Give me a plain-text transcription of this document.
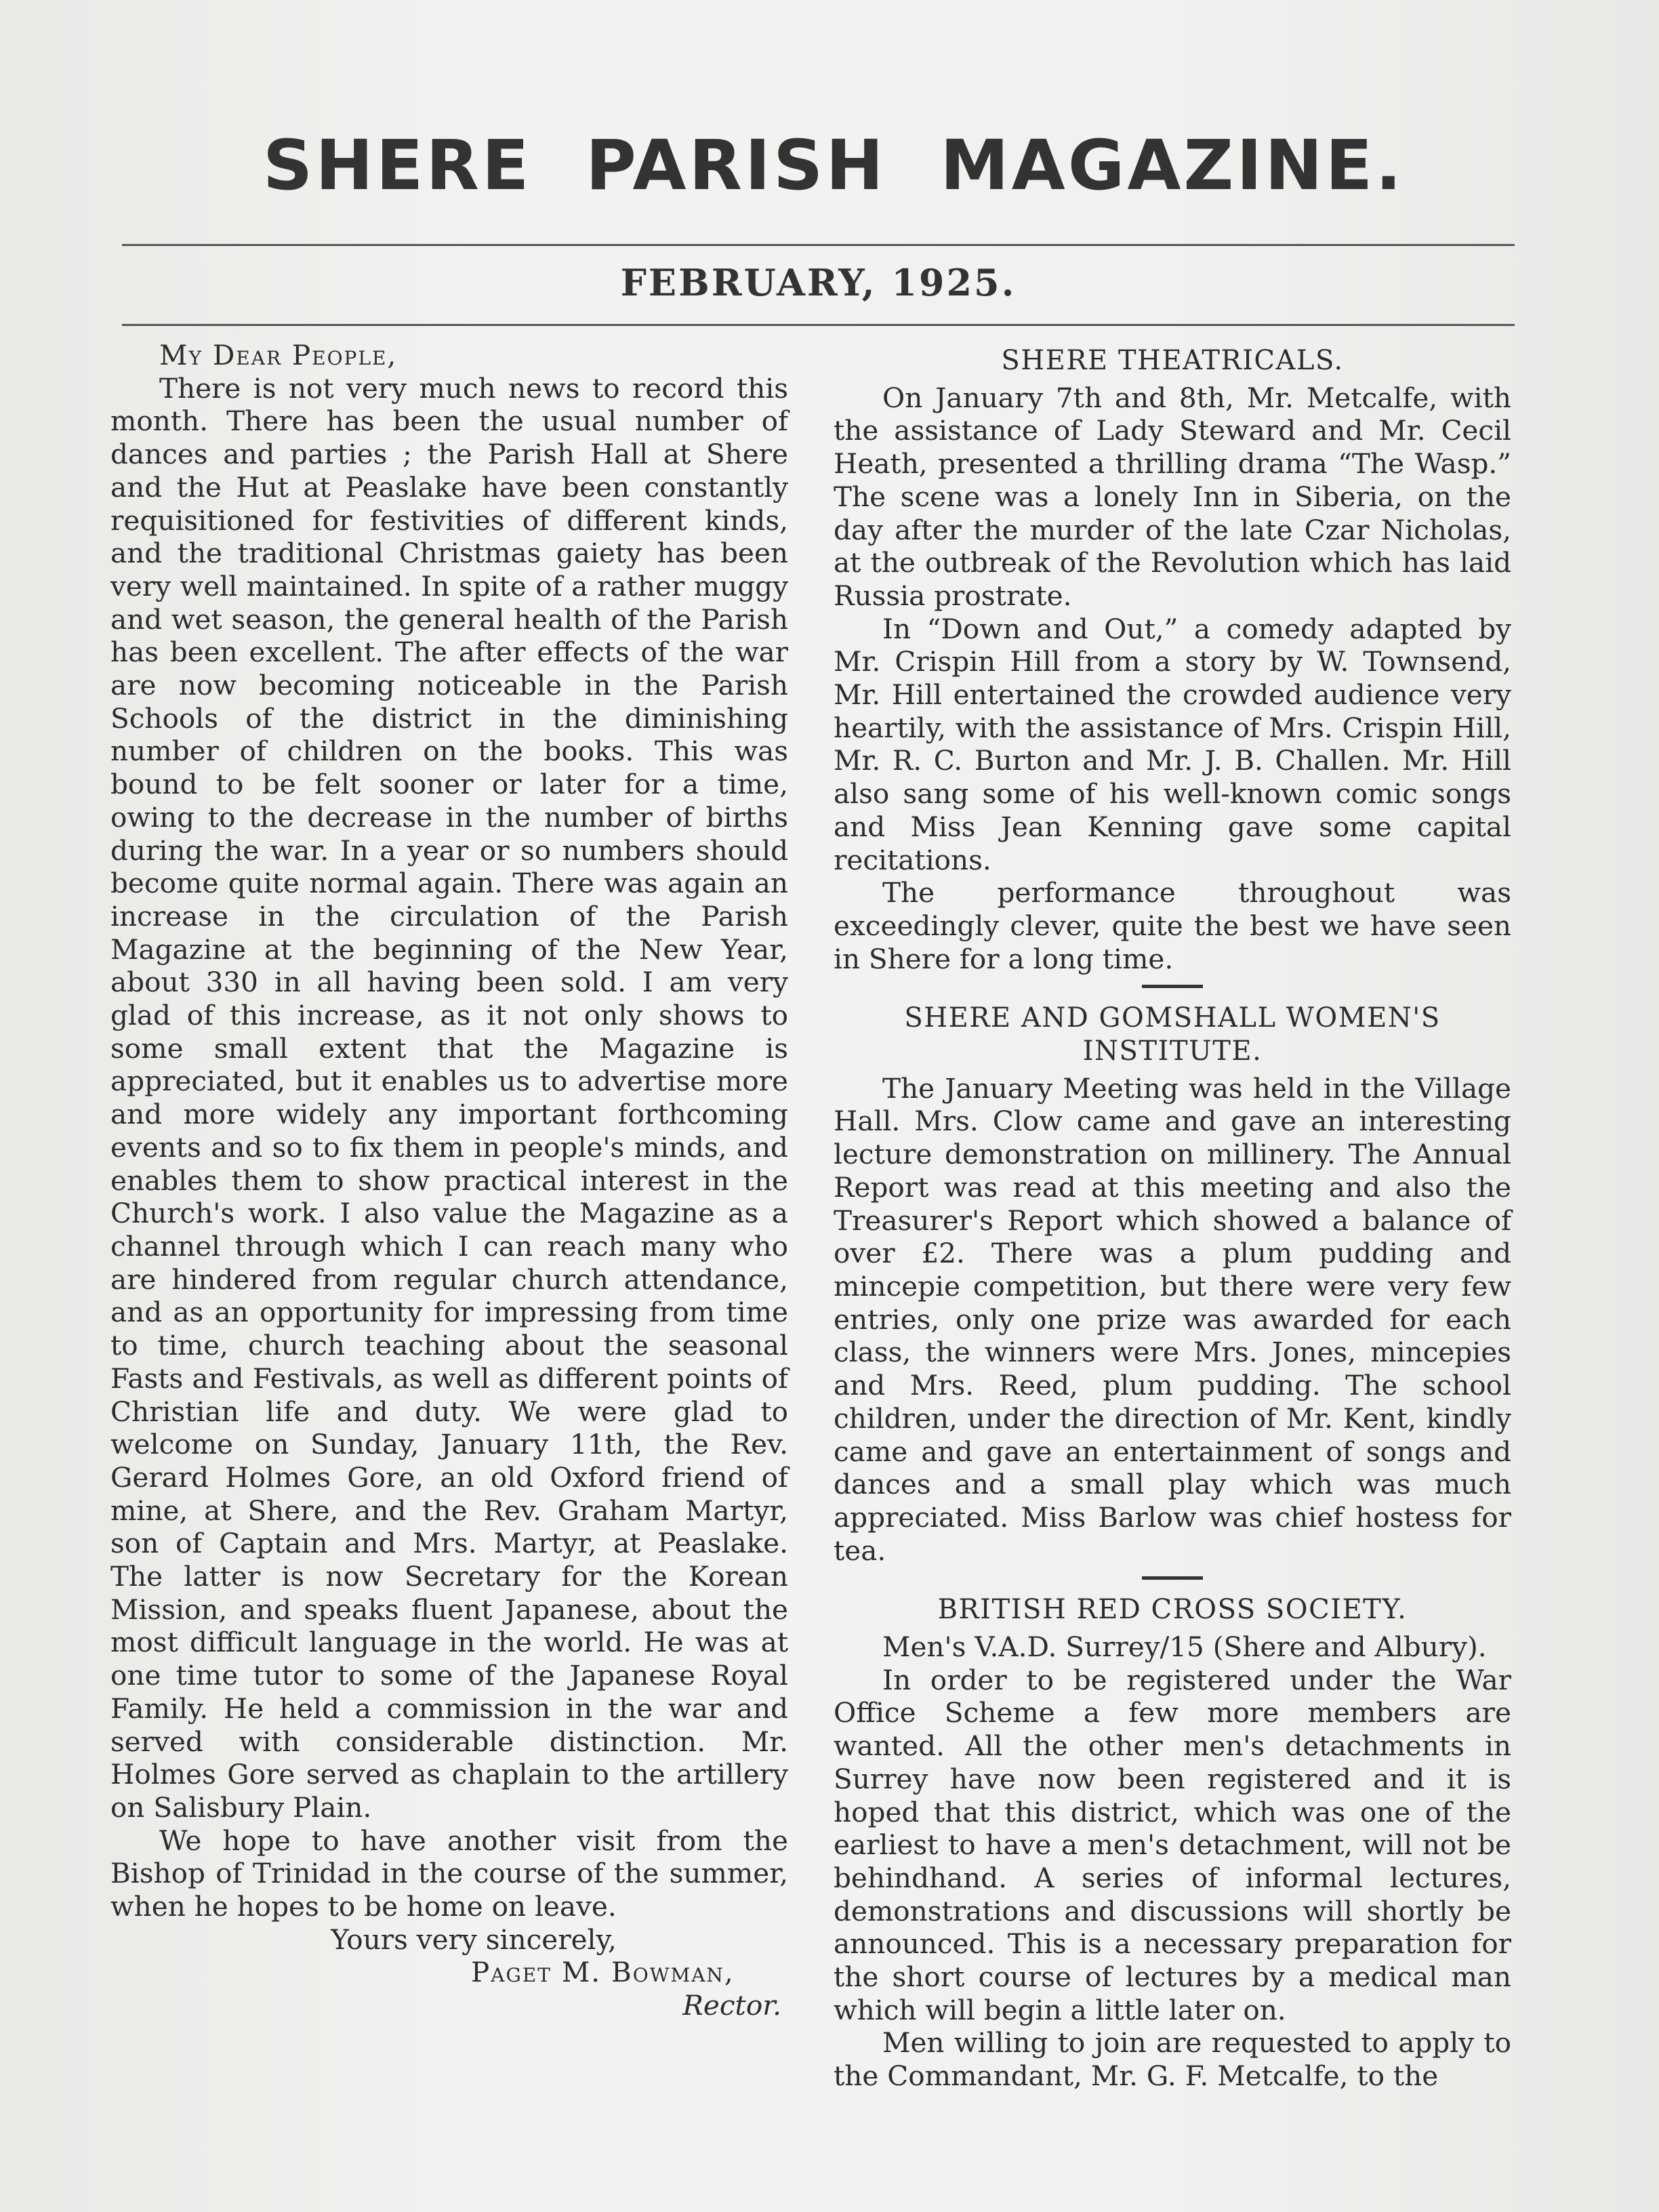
SHERE PARISH MAGAZINE.
FEBRUARY, 1925.

My Dear People,

There is not very much news to record this month. There has been the usual number of dances and parties ; the Parish Hall at Shere and the Hut at Peaslake have been constantly requisitioned for festivities of different kinds, and the traditional Christmas gaiety has been very well maintained. In spite of a rather muggy and wet season, the general health of the Parish has been excellent. The after effects of the war are now becoming noticeable in the Parish Schools of the district in the diminishing number of children on the books. This was bound to be felt sooner or later for a time, owing to the decrease in the number of births during the war. In a year or so numbers should become quite normal again. There was again an increase in the circulation of the Parish Magazine at the beginning of the New Year, about 330 in all having been sold. I am very glad of this increase, as it not only shows to some small extent that the Magazine is appreciated, but it enables us to advertise more and more widely any important forthcoming events and so to fix them in people's minds, and enables them to show practical interest in the Church's work. I also value the Magazine as a channel through which I can reach many who are hindered from regular church attendance, and as an opportunity for impressing from time to time, church teaching about the seasonal Fasts and Festivals, as well as different points of Christian life and duty. We were glad to welcome on Sunday, January 11th, the Rev. Gerard Holmes Gore, an old Oxford friend of mine, at Shere, and the Rev. Graham Martyr, son of Captain and Mrs. Martyr, at Peaslake. The latter is now Secretary for the Korean Mission, and speaks fluent Japanese, about the most difficult language in the world. He was at one time tutor to some of the Japanese Royal Family. He held a commission in the war and served with considerable distinction. Mr. Holmes Gore served as chaplain to the artillery on Salisbury Plain.

We hope to have another visit from the Bishop of Trinidad in the course of the summer, when he hopes to be home on leave.

Yours very sincerely,

Paget M. Bowman,

Rector.

SHERE THEATRICALS.

On January 7th and 8th, Mr. Metcalfe, with the assistance of Lady Steward and Mr. Cecil Heath, presented a thrilling drama “The Wasp.” The scene was a lonely Inn in Siberia, on the day after the murder of the late Czar Nicholas, at the outbreak of the Revolution which has laid Russia prostrate.

In “Down and Out,” a comedy adapted by Mr. Crispin Hill from a story by W. Townsend, Mr. Hill entertained the crowded audience very heartily, with the assistance of Mrs. Crispin Hill, Mr. R. C. Burton and Mr. J. B. Challen. Mr. Hill also sang some of his well-known comic songs and Miss Jean Kenning gave some capital recitations.

The performance throughout was exceedingly clever, quite the best we have seen in Shere for a long time.

SHERE AND GOMSHALL WOMEN'S INSTITUTE.

The January Meeting was held in the Village Hall. Mrs. Clow came and gave an interesting lecture demonstration on millinery. The Annual Report was read at this meeting and also the Treasurer's Report which showed a balance of over £2. There was a plum pudding and mincepie competition, but there were very few entries, only one prize was awarded for each class, the winners were Mrs. Jones, mincepies and Mrs. Reed, plum pudding. The school children, under the direction of Mr. Kent, kindly came and gave an entertainment of songs and dances and a small play which was much appreciated. Miss Barlow was chief hostess for tea.

BRITISH RED CROSS SOCIETY.

Men's V.A.D. Surrey/15 (Shere and Albury).

In order to be registered under the War Office Scheme a few more members are wanted. All the other men's detachments in Surrey have now been registered and it is hoped that this district, which was one of the earliest to have a men's detachment, will not be behindhand. A series of informal lectures, demonstrations and discussions will shortly be announced. This is a necessary preparation for the short course of lectures by a medical man which will begin a little later on.

Men willing to join are requested to apply to the Commandant, Mr. G. F. Metcalfe, to the
